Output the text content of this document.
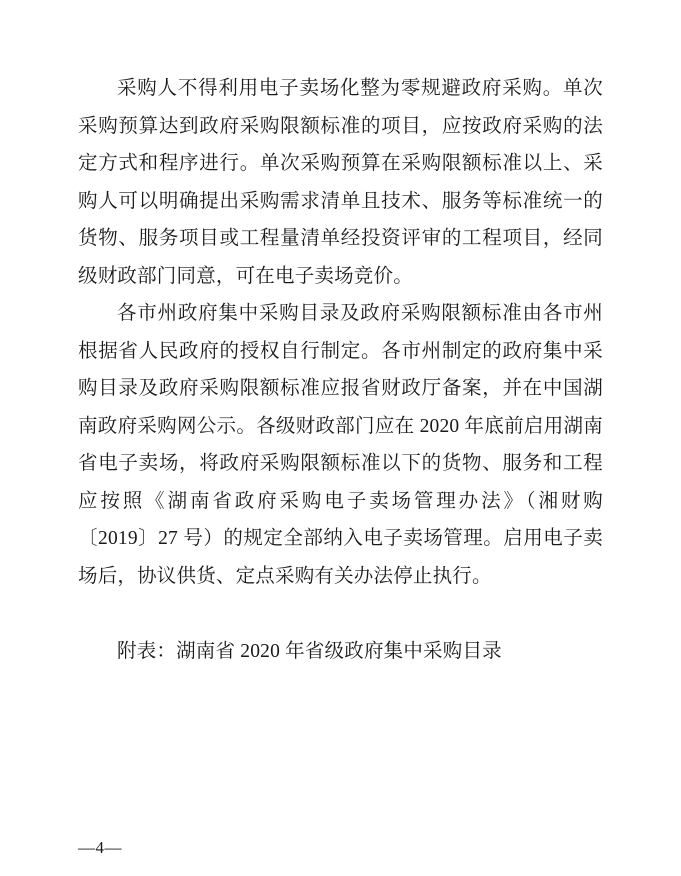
采购人不得利用电子卖场化整为零规避政府采购。单次采购预算达到政府采购限额标准的项目，应按政府采购的法定方式和程序进行。单次采购预算在采购限额标准以上、采购人可以明确提出采购需求清单且技术、服务等标准统一的货物、服务项目或工程量清单经投资评审的工程项目，经同级财政部门同意，可在电子卖场竞价。

各市州政府集中采购目录及政府采购限额标准由各市州根据省人民政府的授权自行制定。各市州制定的政府集中采购目录及政府采购限额标准应报省财政厅备案，并在中国湖南政府采购网公示。各级财政部门应在 2020 年底前启用湖南省电子卖场，将政府采购限额标准以下的货物、服务和工程应按照《湖南省政府采购电子卖场管理办法》（湘财购〔2019〕27 号）的规定全部纳入电子卖场管理。启用电子卖场后，协议供货、定点采购有关办法停止执行。

附表：湖南省 2020 年省级政府集中采购目录

—4—
